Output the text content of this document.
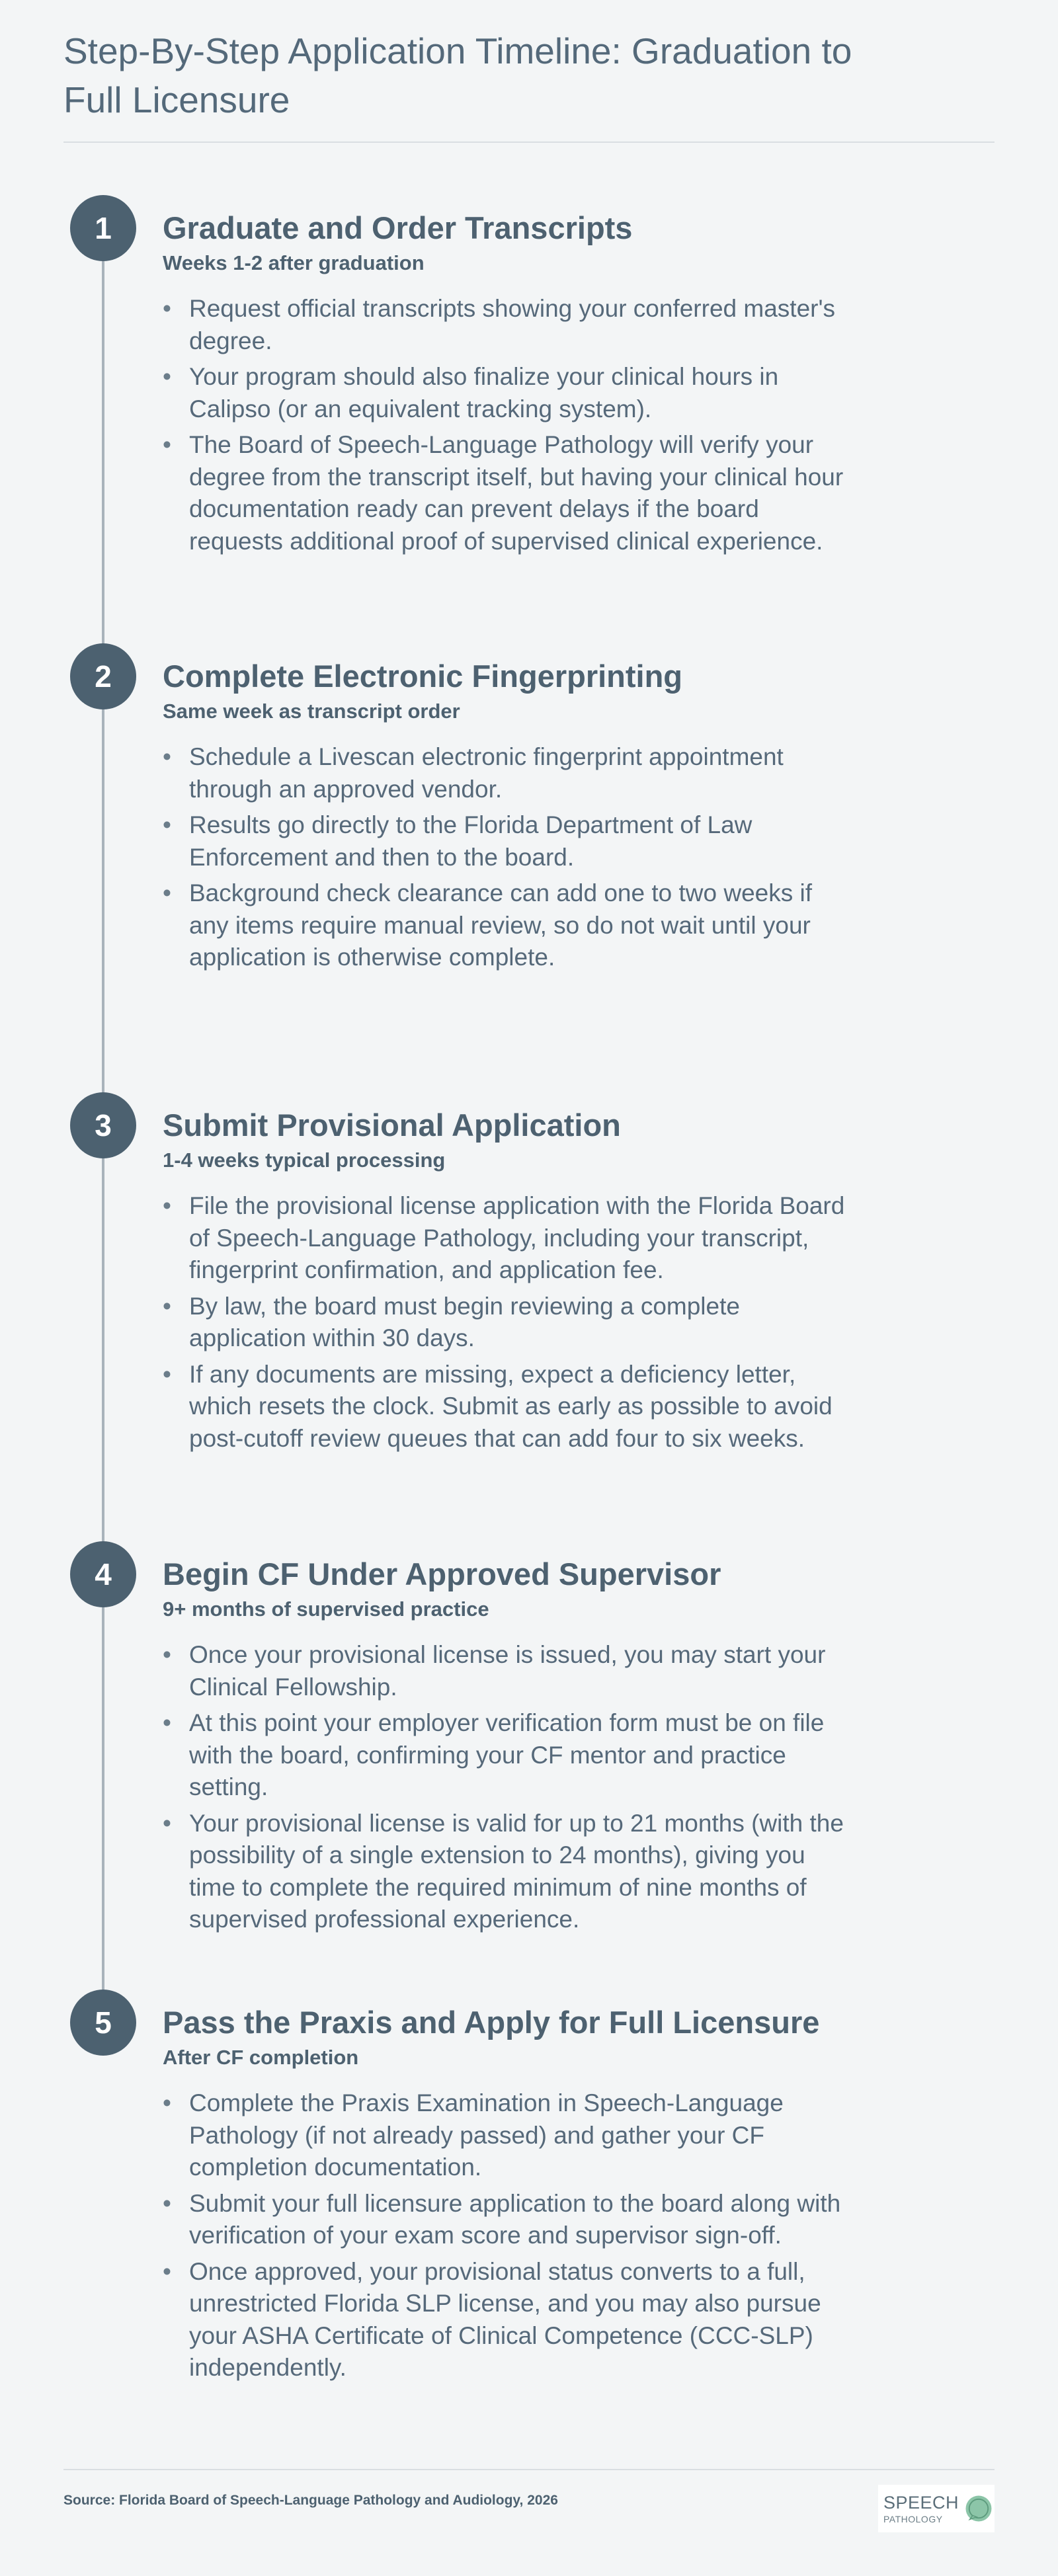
Step-By-Step Application Timeline: Graduation to Full Licensure
1	Graduate and Order Transcripts
Weeks 1-2 after graduation
• Request official transcripts showing your conferred master's degree.
• Your program should also finalize your clinical hours in Calipso (or an equivalent tracking system).
• The Board of Speech-Language Pathology will verify your degree from the transcript itself, but having your clinical hour documentation ready can prevent delays if the board requests additional proof of supervised clinical experience.
2	Complete Electronic Fingerprinting
Same week as transcript order
• Schedule a Livescan electronic fingerprint appointment through an approved vendor.
• Results go directly to the Florida Department of Law Enforcement and then to the board.
• Background check clearance can add one to two weeks if any items require manual review, so do not wait until your application is otherwise complete.
3	Submit Provisional Application
1-4 weeks typical processing
• File the provisional license application with the Florida Board of Speech-Language Pathology, including your transcript, fingerprint confirmation, and application fee.
• By law, the board must begin reviewing a complete application within 30 days.
• If any documents are missing, expect a deficiency letter, which resets the clock. Submit as early as possible to avoid post-cutoff review queues that can add four to six weeks.
4	Begin CF Under Approved Supervisor
9+ months of supervised practice
• Once your provisional license is issued, you may start your Clinical Fellowship.
• At this point your employer verification form must be on file with the board, confirming your CF mentor and practice setting.
• Your provisional license is valid for up to 21 months (with the possibility of a single extension to 24 months), giving you time to complete the required minimum of nine months of supervised professional experience.
5	Pass the Praxis and Apply for Full Licensure
After CF completion
• Complete the Praxis Examination in Speech-Language Pathology (if not already passed) and gather your CF completion documentation.
• Submit your full licensure application to the board along with verification of your exam score and supervisor sign-off.
• Once approved, your provisional status converts to a full, unrestricted Florida SLP license, and you may also pursue your ASHA Certificate of Clinical Competence (CCC-SLP) independently.
Source: Florida Board of Speech-Language Pathology and Audiology, 2026	SPEECH
PATHOLOGY
